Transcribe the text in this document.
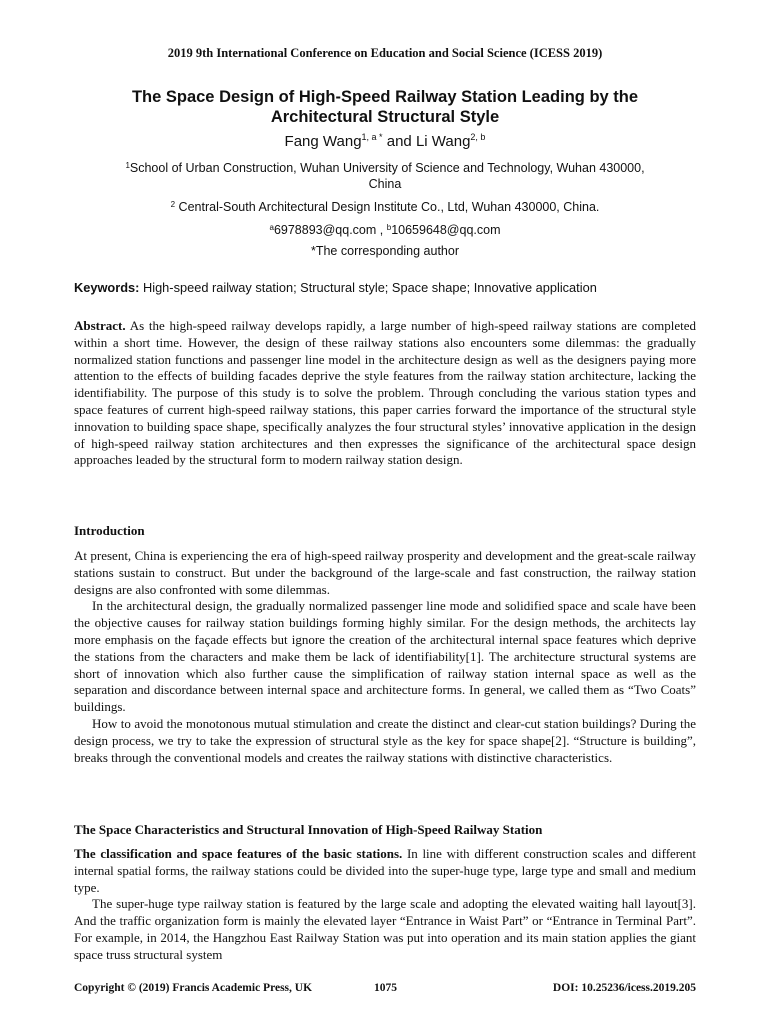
2019 9th International Conference on Education and Social Science (ICESS 2019)
The Space Design of High-Speed Railway Station Leading by the
Architectural Structural Style
Fang Wang$^{1, a *}$ and Li Wang$^{2, b}$
$^1$School of Urban Construction, Wuhan University of Science and Technology, Wuhan 430000,
China
$^2$ Central-South Architectural Design Institute Co., Ltd, Wuhan 430000, China.
$^a$6978893@qq.com , $^b$10659648@qq.com
*The corresponding author
Keywords: High-speed railway station; Structural style; Space shape; Innovative application

Abstract. As the high-speed railway develops rapidly, a large number of high-speed railway stations are completed within a short time. However, the design of these railway stations also encounters some dilemmas: the gradually normalized station functions and passenger line model in the architecture design as well as the designers paying more attention to the effects of building facades deprive the style features from the railway station architecture, lacking the identifiability. The purpose of this study is to solve the problem. Through concluding the various station types and space features of current high-speed railway stations, this paper carries forward the importance of the structural style innovation to building space shape, specifically analyzes the four structural styles’ innovative application in the design of high-speed railway station architectures and then expresses the significance of the architectural space design approaches leaded by the structural form to modern railway station design.

Introduction

At present, China is experiencing the era of high-speed railway prosperity and development and the great-scale railway stations sustain to construct. But under the background of the large-scale and fast construction, the railway station designs are also confronted with some dilemmas.

In the architectural design, the gradually normalized passenger line mode and solidified space and scale have been the objective causes for railway station buildings forming highly similar. For the design methods, the architects lay more emphasis on the façade effects but ignore the creation of the architectural internal space features which deprive the stations from the characters and make them be lack of identifiability[1]. The architecture structural systems are short of innovation which also further cause the simplification of railway station internal space as well as the separation and discordance between internal space and architecture forms. In general, we called them as “Two Coats” buildings.

How to avoid the monotonous mutual stimulation and create the distinct and clear-cut station buildings? During the design process, we try to take the expression of structural style as the key for space shape[2]. “Structure is building”, breaks through the conventional models and creates the railway stations with distinctive characteristics.

The Space Characteristics and Structural Innovation of High-Speed Railway Station

The classification and space features of the basic stations. In line with different construction scales and different internal spatial forms, the railway stations could be divided into the super-huge type, large type and small and medium type.

The super-huge type railway station is featured by the large scale and adopting the elevated waiting hall layout[3]. And the traffic organization form is mainly the elevated layer “Entrance in Waist Part” or “Entrance in Terminal Part”. For example, in 2014, the Hangzhou East Railway Station was put into operation and its main station applies the giant space truss structural system

Copyright © (2019) Francis Academic Press, UK	1075	DOI: 10.25236/icess.2019.205
